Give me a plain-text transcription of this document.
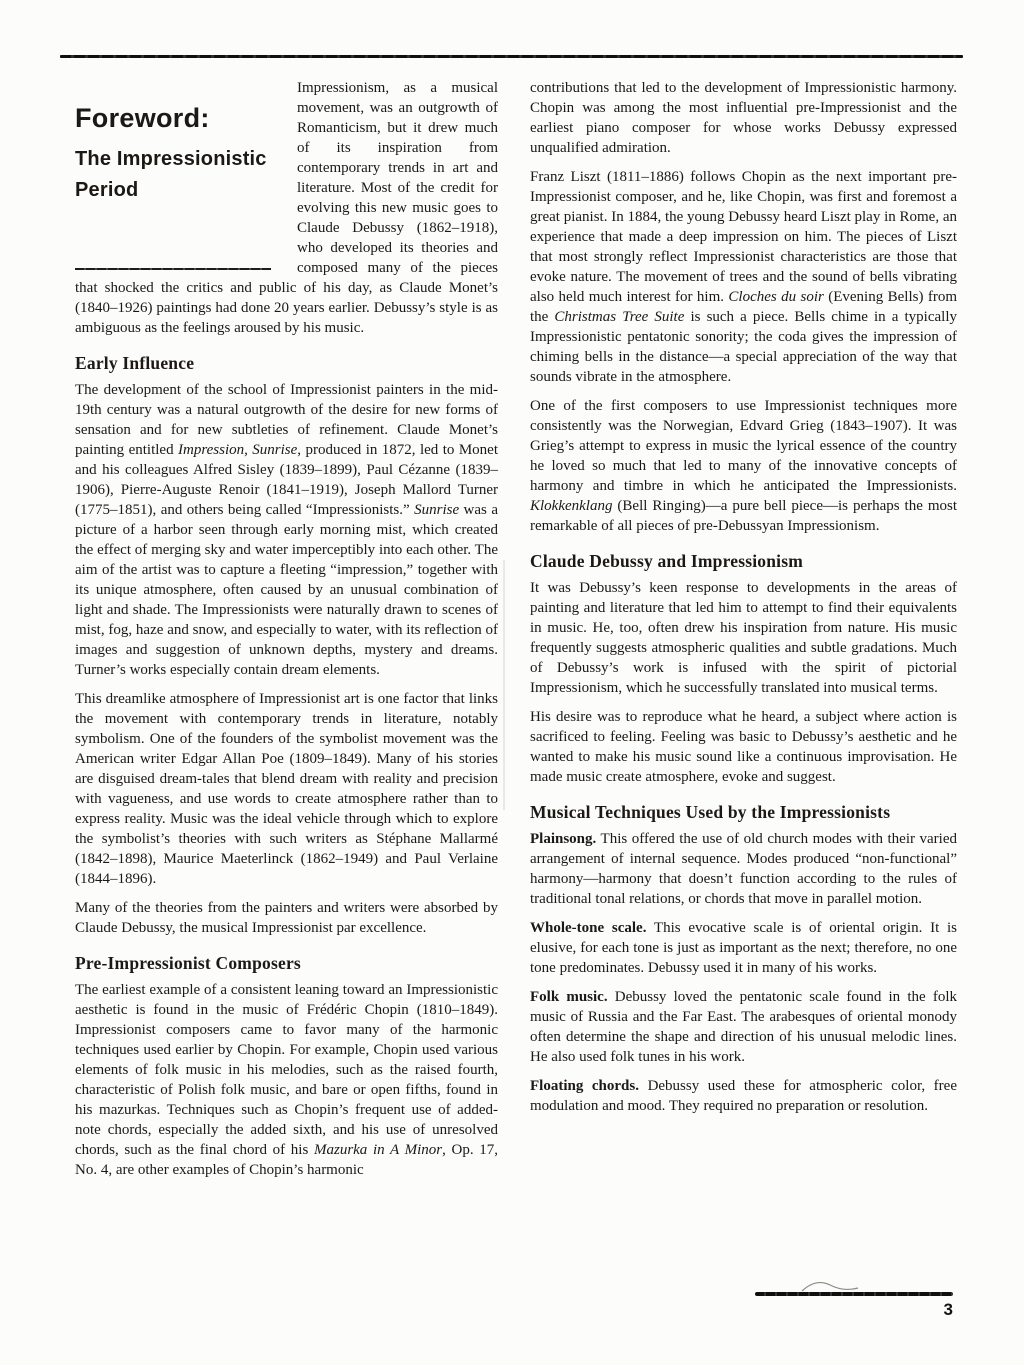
Foreword:
The Impressionistic
Period
Impressionism, as a musical movement, was an outgrowth of Romanticism, but it drew much of its inspiration from contemporary trends in art and literature. Most of the credit for evolving this new music goes to Claude Debussy (1862–1918), who developed its theories and composed many of the pieces that shocked the critics and public of his day, as Claude Monet’s (1840–1926) paintings had done 20 years earlier. Debussy’s style is as ambiguous as the feelings aroused by his music.

Early Influence

The development of the school of Impressionist painters in the mid-19th century was a natural outgrowth of the desire for new forms of sensation and for new subtleties of refinement. Claude Monet’s painting entitled Impression, Sunrise, produced in 1872, led to Monet and his colleagues Alfred Sisley (1839–1899), Paul Cézanne (1839–1906), Pierre-Auguste Renoir (1841–1919), Joseph Mallord Turner (1775–1851), and others being called “Impressionists.” Sunrise was a picture of a harbor seen through early morning mist, which created the effect of merging sky and water imperceptibly into each other. The aim of the artist was to capture a fleeting “impression,” together with its unique atmosphere, often caused by an unusual combination of light and shade. The Impressionists were naturally drawn to scenes of mist, fog, haze and snow, and especially to water, with its reflection of images and suggestion of unknown depths, mystery and dreams. Turner’s works especially contain dream elements.

This dreamlike atmosphere of Impressionist art is one factor that links the movement with contemporary trends in literature, notably symbolism. One of the founders of the symbolist movement was the American writer Edgar Allan Poe (1809–1849). Many of his stories are disguised dream-tales that blend dream with reality and precision with vagueness, and use words to create atmosphere rather than to express reality. Music was the ideal vehicle through which to explore the symbolist’s theories with such writers as Stéphane Mallarmé (1842–1898), Maurice Maeterlinck (1862–1949) and Paul Verlaine (1844–1896).

Many of the theories from the painters and writers were absorbed by Claude Debussy, the musical Impressionist par excellence.

Pre-Impressionist Composers

The earliest example of a consistent leaning toward an Impressionistic aesthetic is found in the music of Frédéric Chopin (1810–1849). Impressionist composers came to favor many of the harmonic techniques used earlier by Chopin. For example, Chopin used various elements of folk music in his melodies, such as the raised fourth, characteristic of Polish folk music, and bare or open fifths, found in his mazurkas. Techniques such as Chopin’s frequent use of added-note chords, especially the added sixth, and his use of unresolved chords, such as the final chord of his Mazurka in A Minor, Op. 17, No. 4, are other examples of Chopin’s harmonic

contributions that led to the development of Impressionistic harmony. Chopin was among the most influential pre-Impressionist and the earliest piano composer for whose works Debussy expressed unqualified admiration.

Franz Liszt (1811–1886) follows Chopin as the next important pre-Impressionist composer, and he, like Chopin, was first and foremost a great pianist. In 1884, the young Debussy heard Liszt play in Rome, an experience that made a deep impression on him. The pieces of Liszt that most strongly reflect Impressionist characteristics are those that evoke nature. The movement of trees and the sound of bells vibrating also held much interest for him. Cloches du soir (Evening Bells) from the Christmas Tree Suite is such a piece. Bells chime in a typically Impressionistic pentatonic sonority; the coda gives the impression of chiming bells in the distance—a special appreciation of the way that sounds vibrate in the atmosphere.

One of the first composers to use Impressionist techniques more consistently was the Norwegian, Edvard Grieg (1843–1907). It was Grieg’s attempt to express in music the lyrical essence of the country he loved so much that led to many of the innovative concepts of harmony and timbre in which he anticipated the Impressionists. Klokkenklang (Bell Ringing)—a pure bell piece—is perhaps the most remarkable of all pieces of pre-Debussyan Impressionism.

Claude Debussy and Impressionism

It was Debussy’s keen response to developments in the areas of painting and literature that led him to attempt to find their equivalents in music. He, too, often drew his inspiration from nature. His music frequently suggests atmospheric qualities and subtle gradations. Much of Debussy’s work is infused with the spirit of pictorial Impressionism, which he successfully translated into musical terms.

His desire was to reproduce what he heard, a subject where action is sacrificed to feeling. Feeling was basic to Debussy’s aesthetic and he wanted to make his music sound like a continuous improvisation. He made music create atmosphere, evoke and suggest.

Musical Techniques Used by the Impressionists

Plainsong. This offered the use of old church modes with their varied arrangement of internal sequence. Modes produced “non-functional” harmony—harmony that doesn’t function according to the rules of traditional tonal relations, or chords that move in parallel motion.

Whole-tone scale. This evocative scale is of oriental origin. It is elusive, for each tone is just as important as the next; therefore, no one tone predominates. Debussy used it in many of his works.

Folk music. Debussy loved the pentatonic scale found in the folk music of Russia and the Far East. The arabesques of oriental monody often determine the shape and direction of his unusual melodic lines. He also used folk tunes in his work.

Floating chords. Debussy used these for atmospheric color, free modulation and mood. They required no preparation or resolution.

3
